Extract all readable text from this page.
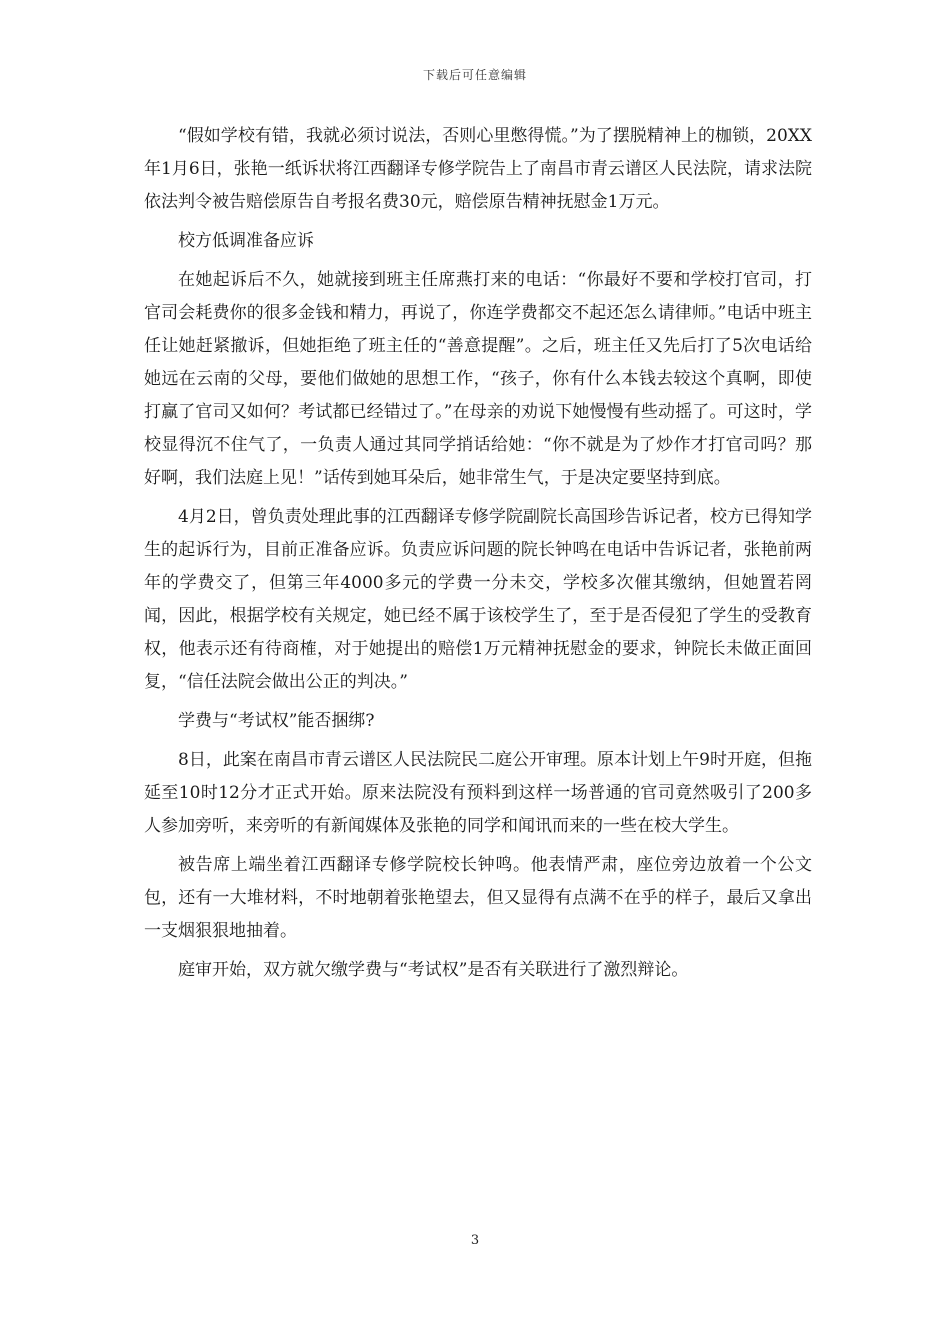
下载后可任意编辑

“假如学校有错，我就必须讨说法，否则心里憋得慌。”为了摆脱精神上的枷锁，20XX年1月6日，张艳一纸诉状将江西翻译专修学院告上了南昌市青云谱区人民法院，请求法院依法判令被告赔偿原告自考报名费30元，赔偿原告精神抚慰金1万元。

校方低调准备应诉

在她起诉后不久，她就接到班主任席燕打来的电话：“你最好不要和学校打官司，打官司会耗费你的很多金钱和精力，再说了，你连学费都交不起还怎么请律师。”电话中班主任让她赶紧撤诉，但她拒绝了班主任的“善意提醒”。之后，班主任又先后打了5次电话给她远在云南的父母，要他们做她的思想工作，“孩子，你有什么本钱去较这个真啊，即使打赢了官司又如何？考试都已经错过了。”在母亲的劝说下她慢慢有些动摇了。可这时，学校显得沉不住气了，一负责人通过其同学捎话给她：“你不就是为了炒作才打官司吗？那好啊，我们法庭上见！”话传到她耳朵后，她非常生气，于是决定要坚持到底。

4月2日，曾负责处理此事的江西翻译专修学院副院长高国珍告诉记者，校方已得知学生的起诉行为，目前正准备应诉。负责应诉问题的院长钟鸣在电话中告诉记者，张艳前两年的学费交了，但第三年4000多元的学费一分未交，学校多次催其缴纳，但她置若罔闻，因此，根据学校有关规定，她已经不属于该校学生了，至于是否侵犯了学生的受教育权，他表示还有待商榷，对于她提出的赔偿1万元精神抚慰金的要求，钟院长未做正面回复，“信任法院会做出公正的判决。”

学费与“考试权”能否捆绑?

8日，此案在南昌市青云谱区人民法院民二庭公开审理。原本计划上午9时开庭，但拖延至10时12分才正式开始。原来法院没有预料到这样一场普通的官司竟然吸引了200多人参加旁听，来旁听的有新闻媒体及张艳的同学和闻讯而来的一些在校大学生。

被告席上端坐着江西翻译专修学院校长钟鸣。他表情严肃，座位旁边放着一个公文包，还有一大堆材料，不时地朝着张艳望去，但又显得有点满不在乎的样子，最后又拿出一支烟狠狠地抽着。

庭审开始，双方就欠缴学费与“考试权”是否有关联进行了激烈辩论。

3
